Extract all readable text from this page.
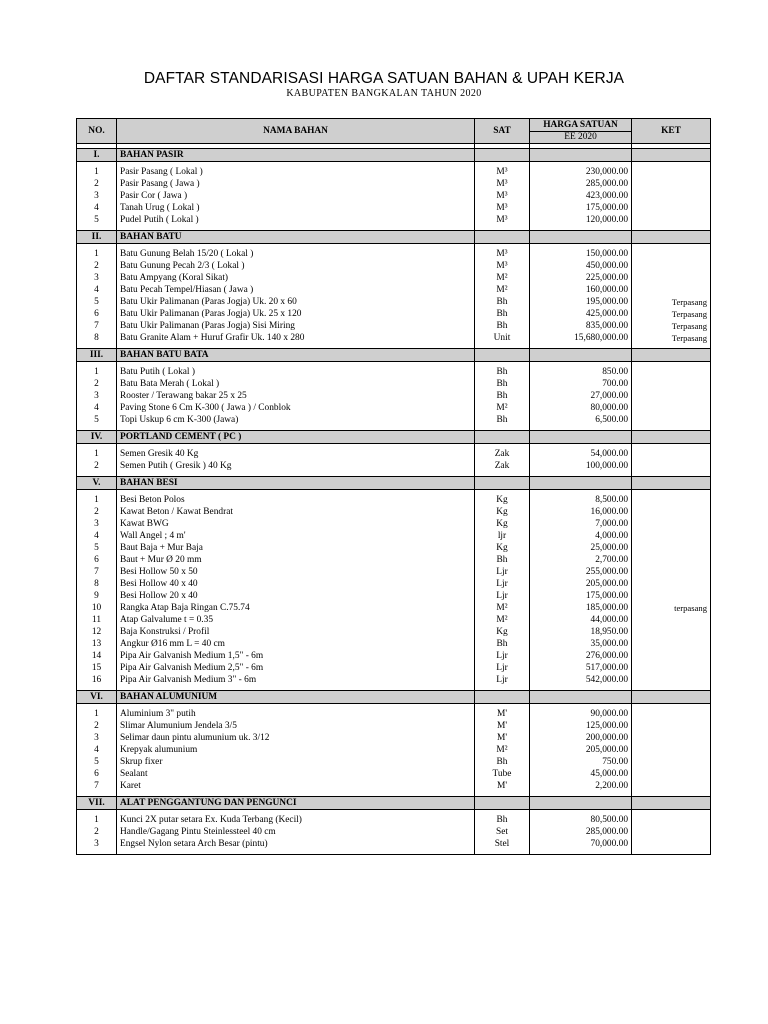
DAFTAR STANDARISASI HARGA SATUAN BAHAN & UPAH KERJA
KABUPATEN BANGKALAN TAHUN 2020
NO.	NAMA BAHAN	SAT	HARGA SATUAN	KET
			EE 2020	

I.	BAHAN PASIR			

1	Pasir Pasang ( Lokal )	M³	230,000.00	
2	Pasir Pasang ( Jawa )	M³	285,000.00	
3	Pasir Cor ( Jawa )	M³	423,000.00	
4	Tanah Urug ( Lokal )	M³	175,000.00	
5	Pudel Putih ( Lokal )	M³	120,000.00	

II.	BAHAN BATU			

1	Batu Gunung Belah 15/20 ( Lokal )	M³	150,000.00	
2	Batu Gunung Pecah 2/3 ( Lokal )	M³	450,000.00	
3	Batu Ampyang (Koral Sikat)	M²	225,000.00	
4	Batu Pecah Tempel/Hiasan ( Jawa )	M²	160,000.00	
5	Batu Ukir Palimanan (Paras Jogja) Uk. 20 x 60	Bh	195,000.00	Terpasang
6	Batu Ukir Palimanan (Paras Jogja) Uk. 25 x 120	Bh	425,000.00	Terpasang
7	Batu Ukir Palimanan (Paras Jogja) Sisi Miring	Bh	835,000.00	Terpasang
8	Batu Granite Alam + Huruf Grafir Uk. 140 x 280	Unit	15,680,000.00	Terpasang

III.	BAHAN BATU BATA			

1	Batu Putih ( Lokal )	Bh	850.00	
2	Batu Bata Merah ( Lokal )	Bh	700.00	
3	Rooster / Terawang bakar 25 x 25	Bh	27,000.00	
4	Paving Stone 6 Cm K-300 ( Jawa ) / Conblok	M²	80,000.00	
5	Topi Uskup 6 cm K-300 (Jawa)	Bh	6,500.00	

IV.	PORTLAND CEMENT ( PC )			

1	Semen Gresik 40 Kg	Zak	54,000.00	
2	Semen Putih ( Gresik ) 40 Kg	Zak	100,000.00	

V.	BAHAN BESI			

1	Besi Beton Polos	Kg	8,500.00	
2	Kawat Beton / Kawat Bendrat	Kg	16,000.00	
3	Kawat BWG	Kg	7,000.00	
4	Wall Angel ; 4 m'	ljr	4,000.00	
5	Baut Baja + Mur Baja	Kg	25,000.00	
6	Baut + Mur Ø 20 mm	Bh	2,700.00	
7	Besi Hollow 50 x 50	Ljr	255,000.00	
8	Besi Hollow 40 x 40	Ljr	205,000.00	
9	Besi Hollow 20 x 40	Ljr	175,000.00	
10	Rangka Atap Baja Ringan C.75.74	M²	185,000.00	terpasang
11	Atap Galvalume t = 0.35	M²	44,000.00	
12	Baja Konstruksi / Profil	Kg	18,950.00	
13	Angkur Ø16 mm L = 40 cm	Bh	35,000.00	
14	Pipa Air Galvanish Medium 1,5" - 6m	Ljr	276,000.00	
15	Pipa Air Galvanish Medium 2,5" - 6m	Ljr	517,000.00	
16	Pipa Air Galvanish Medium 3" - 6m	Ljr	542,000.00	

VI.	BAHAN ALUMUNIUM			

1	Aluminium 3" putih	M'	90,000.00	
2	Slimar Alumunium Jendela 3/5	M'	125,000.00	
3	Selimar daun pintu alumunium uk. 3/12	M'	200,000.00	
4	Krepyak alumunium	M²	205,000.00	
5	Skrup fixer	Bh	750.00	
6	Sealant	Tube	45,000.00	
7	Karet	M'	2,200.00	

VII.	ALAT PENGGANTUNG DAN PENGUNCI			

1	Kunci 2X putar setara Ex. Kuda Terbang (Kecil)	Bh	80,500.00	
2	Handle/Gagang Pintu Steinlessteel 40 cm	Set	285,000.00	
3	Engsel Nylon setara Arch Besar (pintu)	Stel	70,000.00	
